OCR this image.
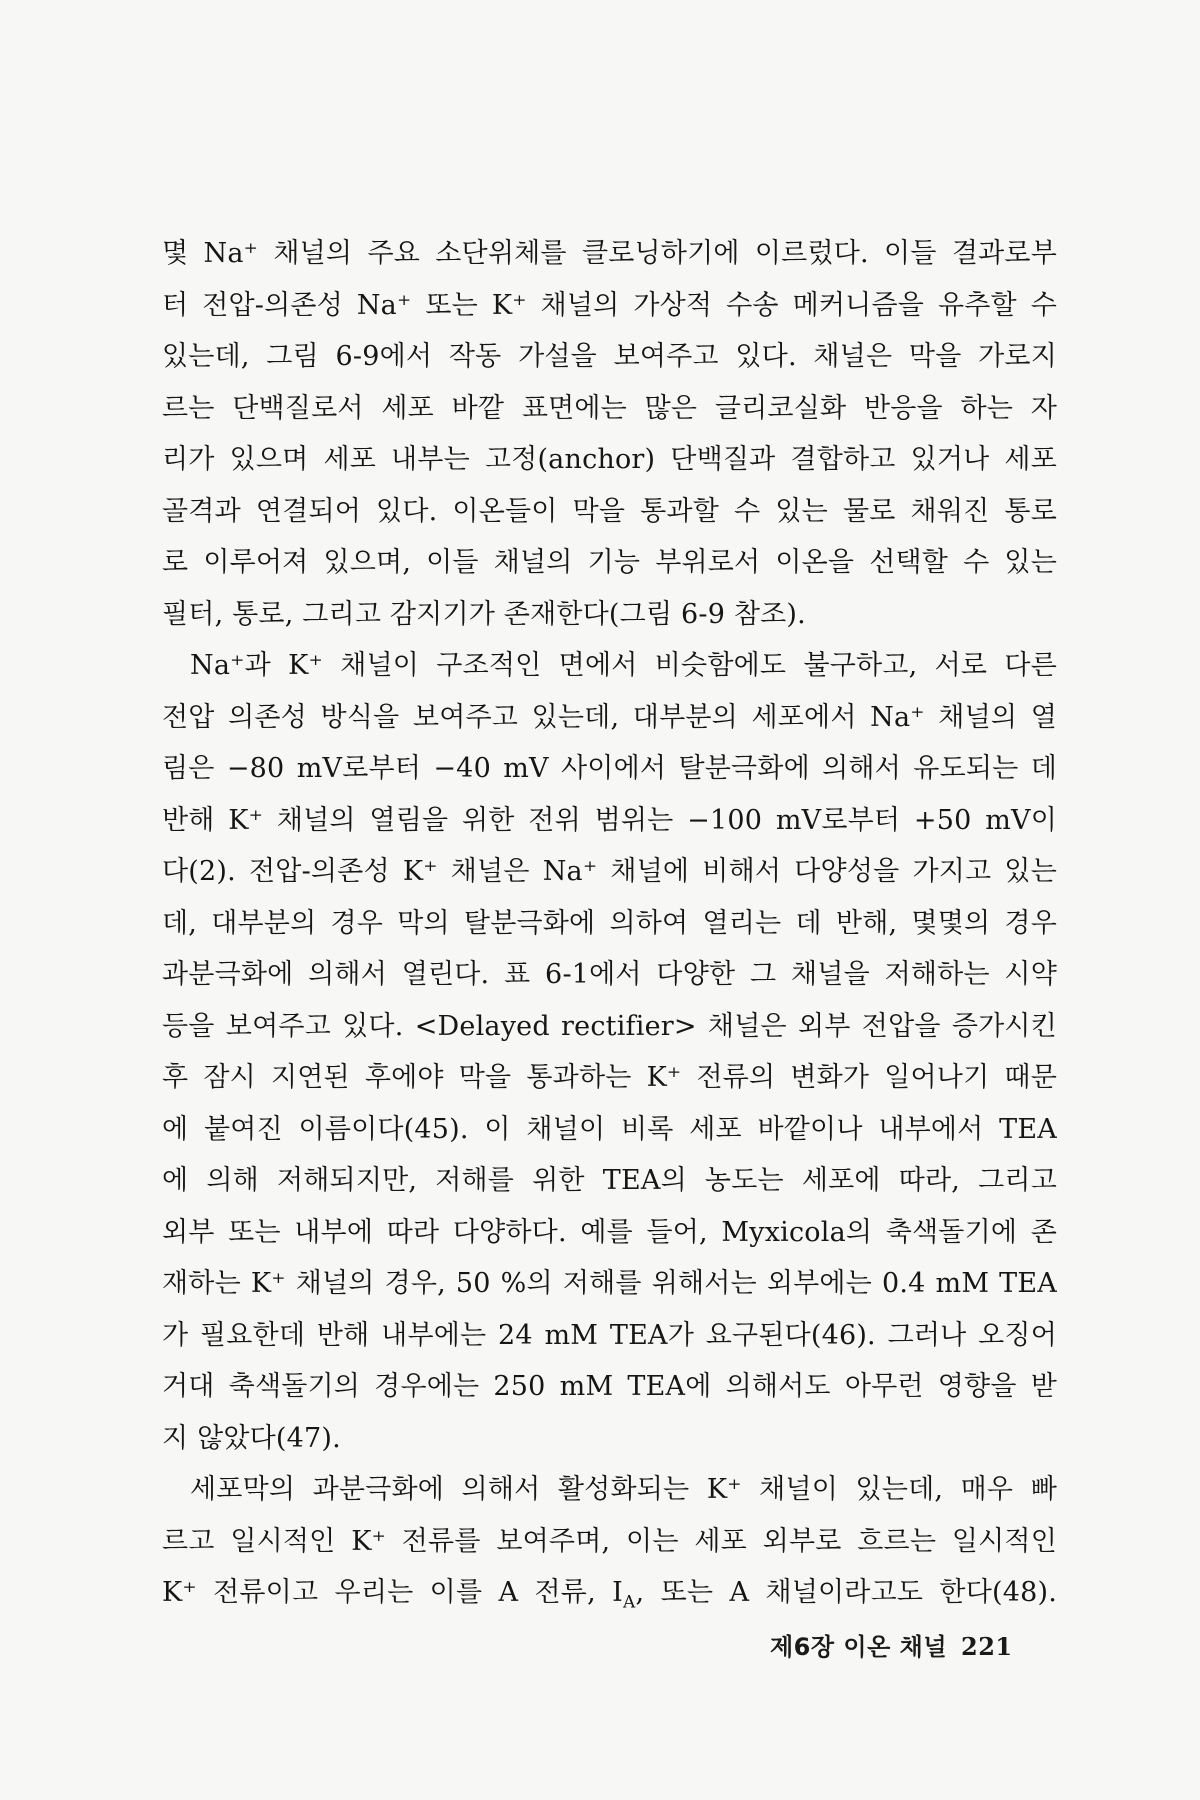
몇 Na⁺ 채널의 주요 소단위체를 클로닝하기에 이르렀다. 이들 결과로부
터 전압-의존성 Na⁺ 또는 K⁺ 채널의 가상적 수송 메커니즘을 유추할 수
있는데, 그림 6-9에서 작동 가설을 보여주고 있다. 채널은 막을 가로지
르는 단백질로서 세포 바깥 표면에는 많은 글리코실화 반응을 하는 자
리가 있으며 세포 내부는 고정(anchor) 단백질과 결합하고 있거나 세포
골격과 연결되어 있다. 이온들이 막을 통과할 수 있는 물로 채워진 통로
로 이루어져 있으며, 이들 채널의 기능 부위로서 이온을 선택할 수 있는
필터, 통로, 그리고 감지기가 존재한다(그림 6-9 참조).
Na⁺과 K⁺ 채널이 구조적인 면에서 비슷함에도 불구하고, 서로 다른
전압 의존성 방식을 보여주고 있는데, 대부분의 세포에서 Na⁺ 채널의 열
림은 −80 mV로부터 −40 mV 사이에서 탈분극화에 의해서 유도되는 데
반해 K⁺ 채널의 열림을 위한 전위 범위는 −100 mV로부터 +50 mV이
다(2). 전압-의존성 K⁺ 채널은 Na⁺ 채널에 비해서 다양성을 가지고 있는
데, 대부분의 경우 막의 탈분극화에 의하여 열리는 데 반해, 몇몇의 경우
과분극화에 의해서 열린다. 표 6-1에서 다양한 그 채널을 저해하는 시약
등을 보여주고 있다. <Delayed rectifier> 채널은 외부 전압을 증가시킨
후 잠시 지연된 후에야 막을 통과하는 K⁺ 전류의 변화가 일어나기 때문
에 붙여진 이름이다(45). 이 채널이 비록 세포 바깥이나 내부에서 TEA
에 의해 저해되지만, 저해를 위한 TEA의 농도는 세포에 따라, 그리고
외부 또는 내부에 따라 다양하다. 예를 들어, Myxicola의 축색돌기에 존
재하는 K⁺ 채널의 경우, 50 %의 저해를 위해서는 외부에는 0.4 mM TEA
가 필요한데 반해 내부에는 24 mM TEA가 요구된다(46). 그러나 오징어
거대 축색돌기의 경우에는 250 mM TEA에 의해서도 아무런 영향을 받
지 않았다(47).
세포막의 과분극화에 의해서 활성화되는 K⁺ 채널이 있는데, 매우 빠
르고 일시적인 K⁺ 전류를 보여주며, 이는 세포 외부로 흐르는 일시적인
K⁺ 전류이고 우리는 이를 A 전류, $I_A$, 또는 A 채널이라고도 한다(48).
제6장 이온 채널 221
